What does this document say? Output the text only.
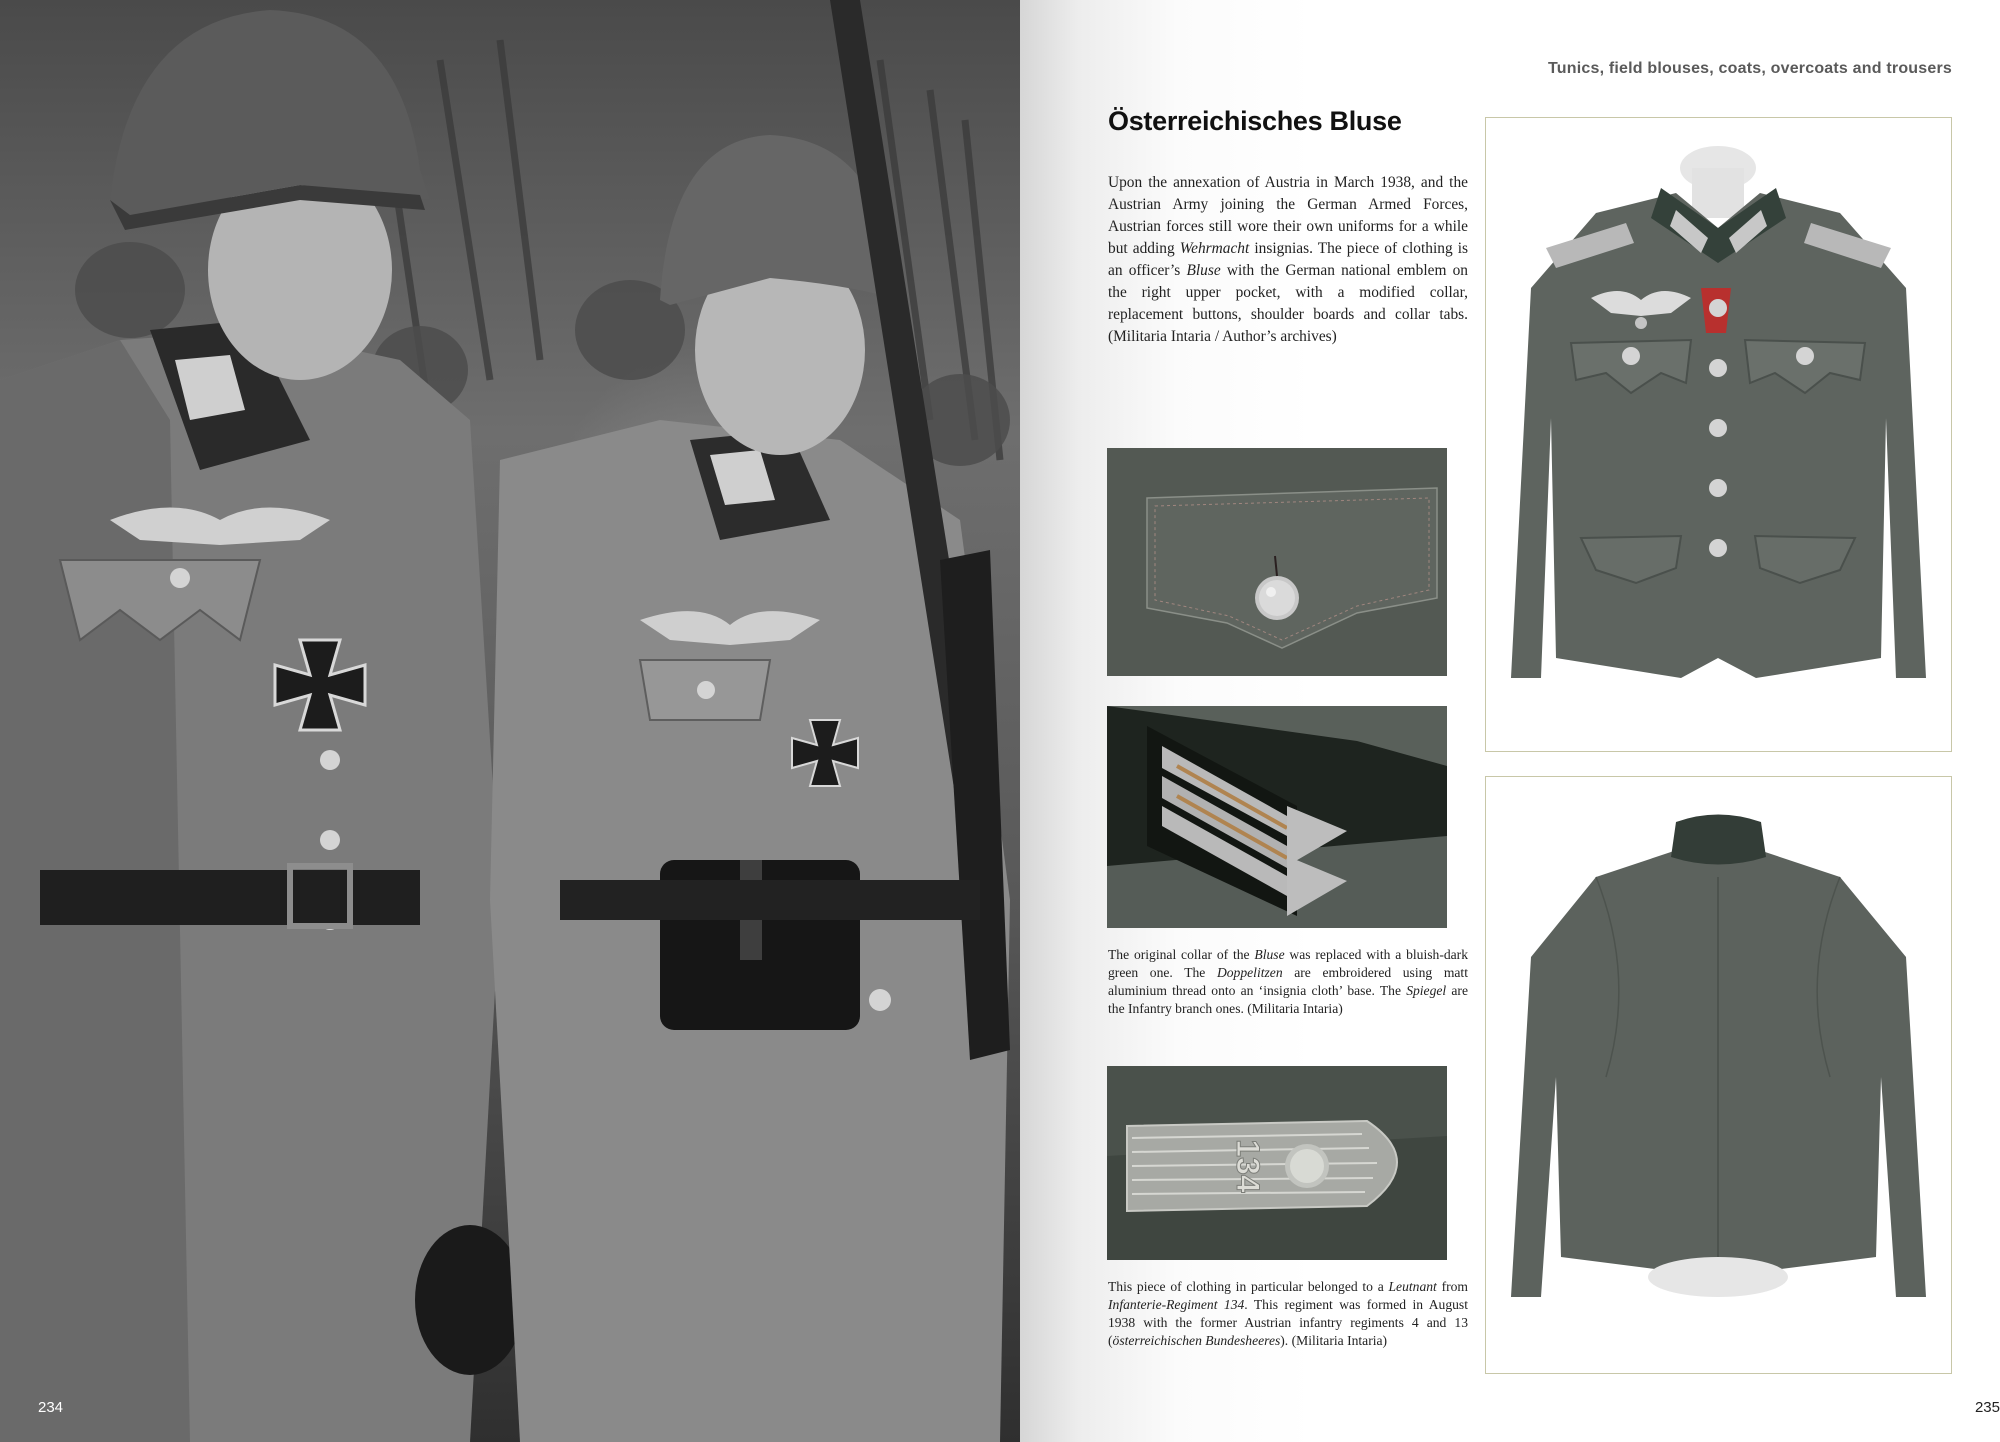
234
Tunics, field blouses, coats, overcoats and trousers
Österreichisches Bluse
Upon the annexation of Austria in March 1938, and the Austrian Army joining the German Armed Forces, Austrian forces still wore their own uniforms for a while but adding Wehrmacht insignias. The piece of clothing is an officer’s Bluse with the German national emblem on the right upper pocket, with a modified collar, replacement buttons, shoulder boards and collar tabs. (Militaria Intaria / Author’s archives)
The original collar of the Bluse was replaced with a bluish-dark green one. The Doppelitzen are embroidered using matt aluminium thread onto an ‘insignia cloth’ base. The Spiegel are the Infantry branch ones. (Militaria Intaria)
134
This piece of clothing in particular belonged to a Leutnant from Infanterie-Regiment 134. This regiment was formed in August 1938 with the former Austrian infantry regiments 4 and 13 (österreichischen Bundesheeres). (Militaria Intaria)
235
